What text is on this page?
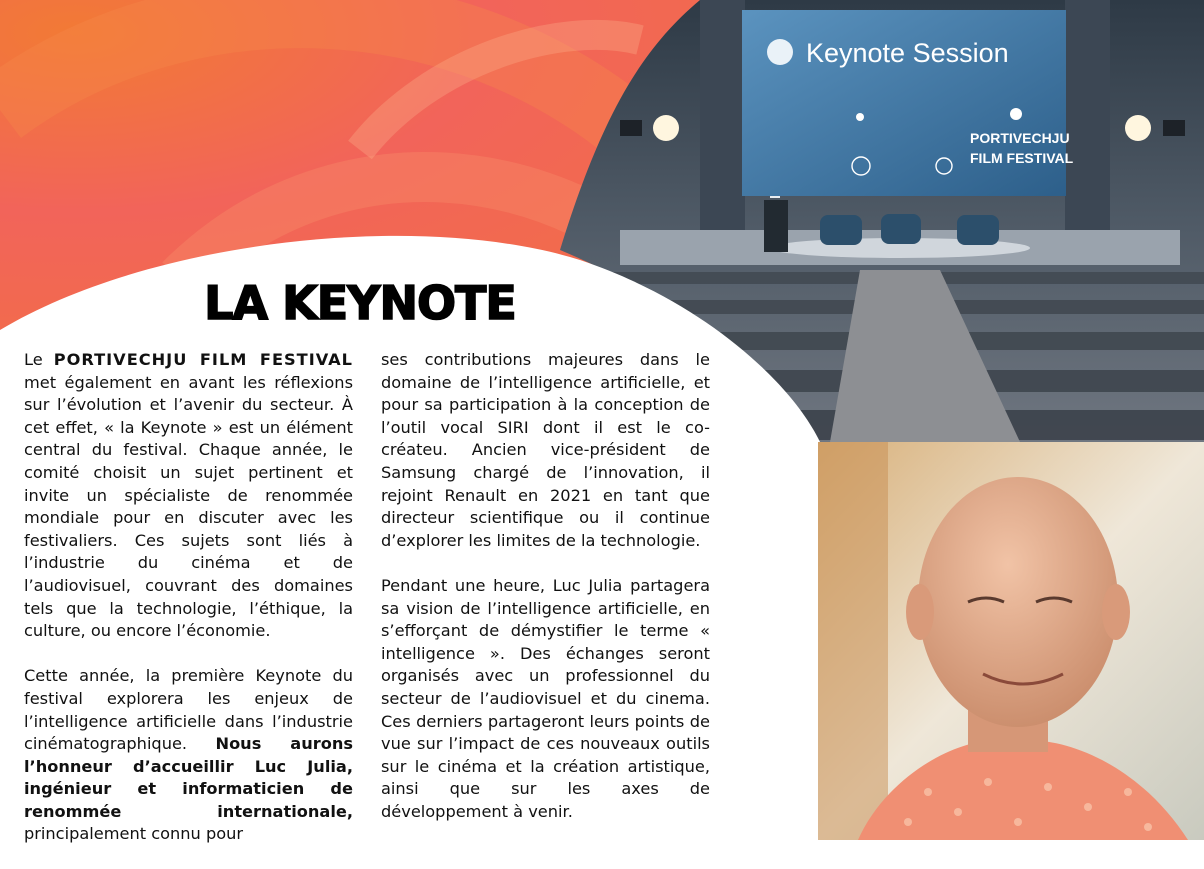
Keynote Session
PORTIVECHJU
FILM FESTIVAL
LA KEYNOTE

Le PORTIVECHJU FILM FESTIVAL met également en avant les réflexions sur l’évolution et l’avenir du secteur. À cet effet, « la Keynote » est un élément central du festival. Chaque année, le comité choisit un sujet pertinent et invite un spécialiste de renommée mondiale pour en discuter avec les festivaliers. Ces sujets sont liés à l’industrie du cinéma et de l’audiovisuel, couvrant des domaines tels que la technologie, l’éthique, la culture, ou encore l’économie.

Cette année, la première Keynote du festival explorera les enjeux de l’intelligence artificielle dans l’industrie cinématographique. Nous aurons l’honneur d’accueillir Luc Julia, ingénieur et informaticien de renommée internationale, principalement connu pour

ses contributions majeures dans le domaine de l’intelligence artificielle, et pour sa participation à la conception de l’outil vocal SIRI dont il est le co-créateu. Ancien vice-président de Samsung chargé de l’innovation, il rejoint Renault en 2021 en tant que directeur scientifique ou il continue d’explorer les limites de la technologie.

Pendant une heure, Luc Julia partagera sa vision de l’intelligence artificielle, en s’efforçant de démystifier le terme « intelligence ». Des échanges seront organisés avec un professionnel du secteur de l’audiovisuel et du cinema. Ces derniers partageront leurs points de vue sur l’impact de ces nouveaux outils sur le cinéma et la création artistique, ainsi que sur les axes de développement à venir.
